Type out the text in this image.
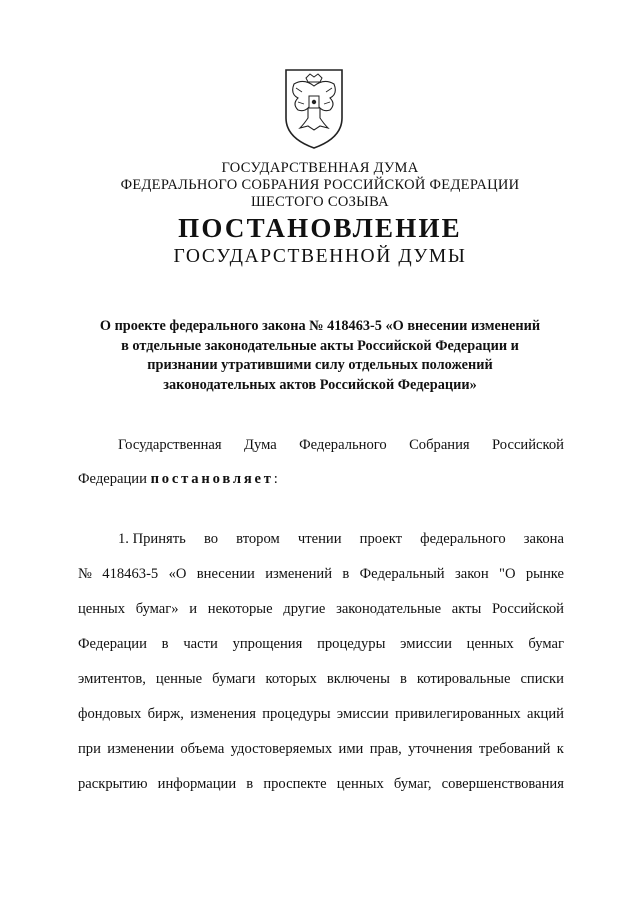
ГОСУДАРСТВЕННАЯ ДУМА
ФЕДЕРАЛЬНОГО СОБРАНИЯ РОССИЙСКОЙ ФЕДЕРАЦИИ
ШЕСТОГО СОЗЫВА
ПОСТАНОВЛЕНИЕ
ГОСУДАРСТВЕННОЙ ДУМЫ
О проекте федерального закона № 418463-5 «О внесении изменений
в отдельные законодательные акты Российской Федерации и
признании утратившими силу отдельных положений
законодательных актов Российской Федерации»
Государственная Дума Федерального Собрания Российской
Федерации постановляет:
1. Принять во втором чтении проект федерального закона
№ 418463-5 «О внесении изменений в Федеральный закон "О рынке
ценных бумаг» и некоторые другие законодательные акты Российской
Федерации в части упрощения процедуры эмиссии ценных бумаг
эмитентов, ценные бумаги которых включены в котировальные списки
фондовых бирж, изменения процедуры эмиссии привилегированных акций
при изменении объема удостоверяемых ими прав, уточнения требований к
раскрытию информации в проспекте ценных бумаг, совершенствования
